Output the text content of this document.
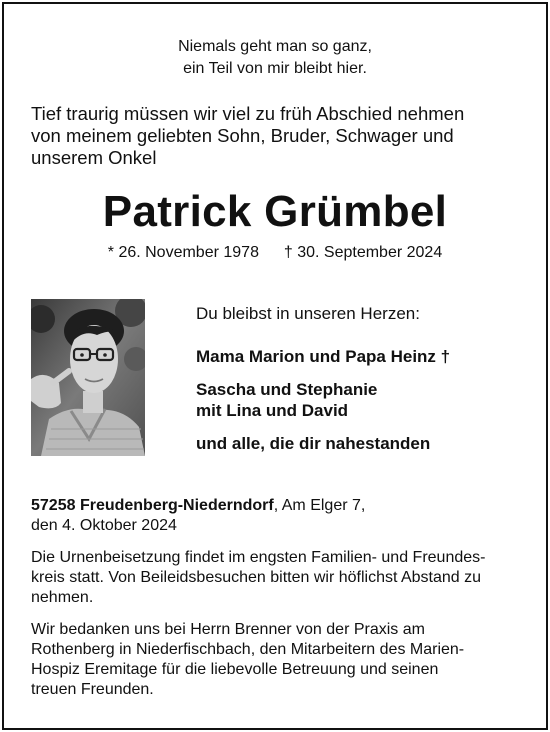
Niemals geht man so ganz,
ein Teil von mir bleibt hier.
Tief traurig müssen wir viel zu früh Abschied nehmen
von meinem geliebten Sohn, Bruder, Schwager und
unserem Onkel
Patrick Grümbel
* 26. November 1978 † 30. September 2024
Du bleibst in unseren Herzen:
Mama Marion und Papa Heinz †
Sascha und Stephanie
mit Lina und David
und alle, die dir nahestanden
57258 Freudenberg-Niederndorf, Am Elger 7,
den 4. Oktober 2024
Die Urnenbeisetzung findet im engsten Familien- und Freundes-
kreis statt. Von Beileidsbesuchen bitten wir höflichst Abstand zu
nehmen.
Wir bedanken uns bei Herrn Brenner von der Praxis am
Rothenberg in Niederfischbach, den Mitarbeitern des Marien-
Hospiz Eremitage für die liebevolle Betreuung und seinen
treuen Freunden.
